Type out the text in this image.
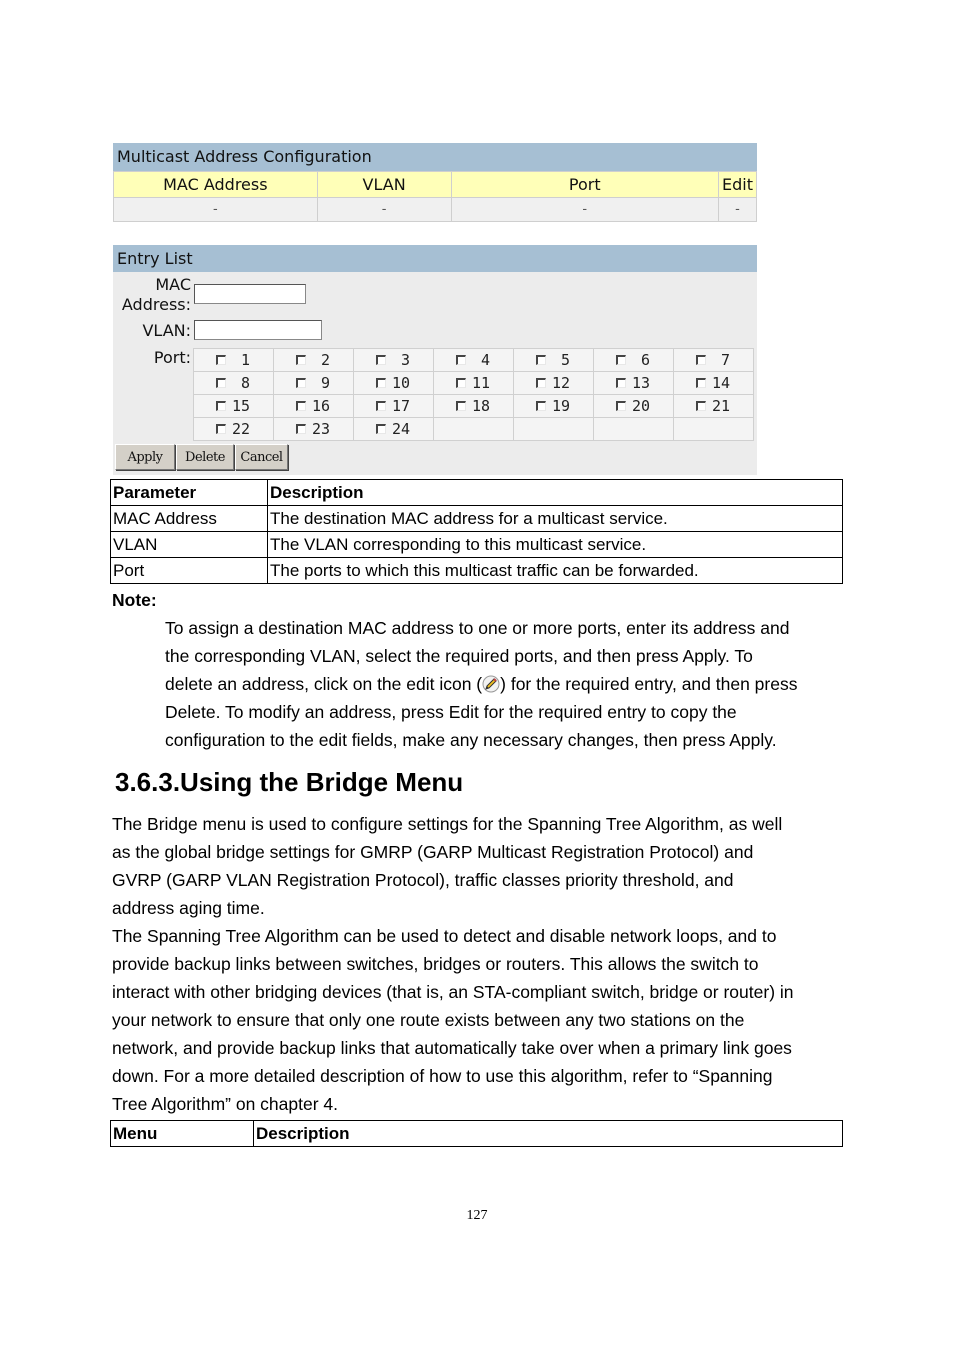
Multicast Address Configuration
MAC Address	VLAN	Port	Edit
-	-	-	-
Entry List
MAC
Address:
VLAN:
Port:	1	2	3	4	5	6	7

8	9	10	11	12	13	14

15	16	17	18	19	20	21

22	23	24				

Apply	Delete	Cancel
Parameter	Description
MAC Address	The destination MAC address for a multicast service.
VLAN	The VLAN corresponding to this multicast service.
Port	The ports to which this multicast traffic can be forwarded.
Note:
To assign a destination MAC address to one or more ports, enter its address and
the corresponding VLAN, select the required ports, and then press Apply. To
delete an address, click on the edit icon ( ) for the required entry, and then press
Delete. To modify an address, press Edit for the required entry to copy the
configuration to the edit fields, make any necessary changes, then press Apply.
3.6.3.Using the Bridge Menu
The Bridge menu is used to configure settings for the Spanning Tree Algorithm, as well
as the global bridge settings for GMRP (GARP Multicast Registration Protocol) and
GVRP (GARP VLAN Registration Protocol), traffic classes priority threshold, and
address aging time.
The Spanning Tree Algorithm can be used to detect and disable network loops, and to
provide backup links between switches, bridges or routers. This allows the switch to
interact with other bridging devices (that is, an STA-compliant switch, bridge or router) in
your network to ensure that only one route exists between any two stations on the
network, and provide backup links that automatically take over when a primary link goes
down. For a more detailed description of how to use this algorithm, refer to “Spanning
Tree Algorithm” on chapter 4.
Menu	Description
127
